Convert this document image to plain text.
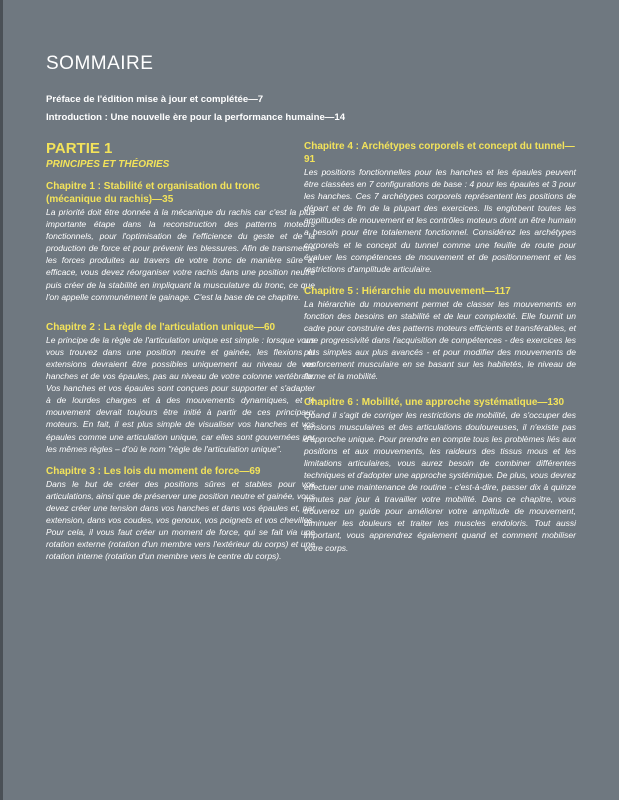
SOMMAIRE
Préface de l'édition mise à jour et complétée—7
Introduction : Une nouvelle ère pour la performance humaine—14
PARTIE 1
PRINCIPES ET THÉORIES
Chapitre 1 : Stabilité et organisation du tronc (mécanique du rachis)—35

La priorité doit être donnée à la mécanique du rachis car c'est la plus importante étape dans la reconstruction des patterns moteurs fonctionnels, pour l'optimisation de l'efficience du geste et de la production de force et pour prévenir les blessures. Afin de transmettre les forces produites au travers de votre tronc de manière sûre et efficace, vous devez réorganiser votre rachis dans une position neutre puis créer de la stabilité en impliquant la musculature du tronc, ce que l'on appelle communément le gainage. C'est la base de ce chapitre.

Chapitre 2 : La règle de l'articulation unique—60

Le principe de la règle de l'articulation unique est simple : lorsque vous vous trouvez dans une position neutre et gainée, les flexions et extensions devraient être possibles uniquement au niveau de vos hanches et de vos épaules, pas au niveau de votre colonne vertébrale. Vos hanches et vos épaules sont conçues pour supporter et s'adapter à de lourdes charges et à des mouvements dynamiques, et le mouvement devrait toujours être initié à partir de ces principaux moteurs. En fait, il est plus simple de visualiser vos hanches et vos épaules comme une articulation unique, car elles sont gouvernées par les mêmes règles – d'où le nom "règle de l'articulation unique".

Chapitre 3 : Les lois du moment de force—69

Dans le but de créer des positions sûres et stables pour vos articulations, ainsi que de préserver une position neutre et gainée, vous devez créer une tension dans vos hanches et dans vos épaules et, par extension, dans vos coudes, vos genoux, vos poignets et vos chevilles. Pour cela, il vous faut créer un moment de force, qui se fait via une rotation externe (rotation d'un membre vers l'extérieur du corps) et une rotation interne (rotation d'un membre vers le centre du corps).

Chapitre 4 : Archétypes corporels et concept du tunnel—91

Les positions fonctionnelles pour les hanches et les épaules peuvent être classées en 7 configurations de base : 4 pour les épaules et 3 pour les hanches. Ces 7 archétypes corporels représentent les positions de départ et de fin de la plupart des exercices. Ils englobent toutes les amplitudes de mouvement et les contrôles moteurs dont un être humain a besoin pour être totalement fonctionnel. Considérez les archétypes corporels et le concept du tunnel comme une feuille de route pour évaluer les compétences de mouvement et de positionnement et les restrictions d'amplitude articulaire.

Chapitre 5 : Hiérarchie du mouvement—117

La hiérarchie du mouvement permet de classer les mouvements en fonction des besoins en stabilité et de leur complexité. Elle fournit un cadre pour construire des patterns moteurs efficients et transférables, et une progressivité dans l'acquisition de compétences - des exercices les plus simples aux plus avancés - et pour modifier des mouvements de renforcement musculaire en se basant sur les habiletés, le niveau de forme et la mobilité.

Chapitre 6 : Mobilité, une approche systématique—130

Quand il s'agit de corriger les restrictions de mobilité, de s'occuper des tensions musculaires et des articulations douloureuses, il n'existe pas d'approche unique. Pour prendre en compte tous les problèmes liés aux positions et aux mouvements, les raideurs des tissus mous et les limitations articulaires, vous aurez besoin de combiner différentes techniques et d'adopter une approche systémique. De plus, vous devrez effectuer une maintenance de routine - c'est-à-dire, passer dix à quinze minutes par jour à travailler votre mobilité. Dans ce chapitre, vous trouverez un guide pour améliorer votre amplitude de mouvement, diminuer les douleurs et traiter les muscles endoloris. Tout aussi important, vous apprendrez également quand et comment mobiliser votre corps.
